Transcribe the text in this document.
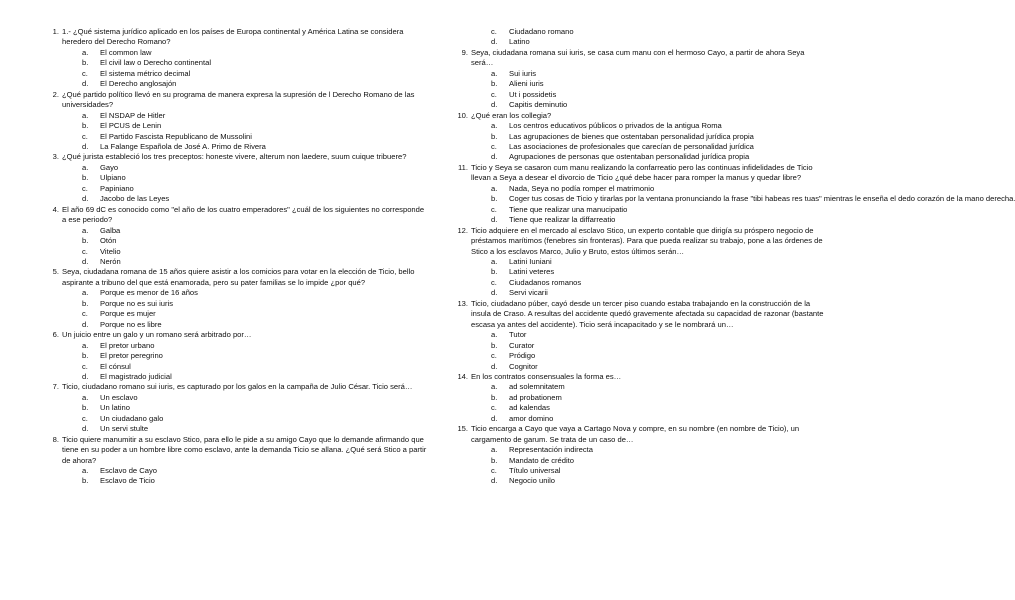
1. 1.- ¿Qué sistema jurídico aplicado en los países de Europa continental y América Latina se considera heredero del Derecho Romano?
a. El common law
b. El civil law o Derecho continental
c. El sistema métrico decimal
d. El Derecho anglosajón
2. ¿Qué partido político llevó en su programa de manera expresa la supresión de l Derecho Romano de las universidades?
a. El NSDAP de Hitler
b. El PCUS de Lenin
c. El Partido Fascista Republicano de Mussolini
d. La Falange Española de José A. Primo de Rivera
3. ¿Qué jurista estableció los tres preceptos: honeste vivere, alterum non laedere, suum cuique tribuere?
a. Gayo
b. Ulpiano
c. Papiniano
d. Jacobo de las Leyes
4. El año 69 dC es conocido como "el año de los cuatro emperadores" ¿cuál de los siguientes no corresponde a ese periodo?
a. Galba
b. Otón
c. Vitelio
d. Nerón
5. Seya, ciudadana romana de 15 años quiere asistir a los comicios para votar en la elección de Ticio, bello aspirante a tribuno del que está enamorada, pero su pater familias se lo impide ¿por qué?
a. Porque es menor de 16 años
b. Porque no es sui iuris
c. Porque es mujer
d. Porque no es libre
6. Un juicio entre un galo y un romano será arbitrado por…
a. El pretor urbano
b. El pretor peregrino
c. El cónsul
d. El magistrado judicial
7. Ticio, ciudadano romano sui iuris, es capturado por los galos en la campaña de Julio César. Ticio será…
a. Un esclavo
b. Un latino
c. Un ciudadano galo
d. Un servi stulte
8. Ticio quiere manumitir a su esclavo Stico, para ello le pide a su amigo Cayo que lo demande afirmando que tiene en su poder a un hombre libre como esclavo, ante la demanda Ticio se allana. ¿Qué será Stico a partir de ahora?
a. Esclavo de Cayo
b. Esclavo de Ticio
c. Ciudadano romano
d. Latino
9. Seya, ciudadana romana sui iuris, se casa cum manu con el hermoso Cayo, a partir de ahora Seya será…
a. Sui iuris
b. Alieni iuris
c. Ut i possidetis
d. Capitis deminutio
10. ¿Qué eran los collegia?
a. Los centros educativos públicos o privados de la antigua Roma
b. Las agrupaciones de bienes que ostentaban personalidad jurídica propia
c. Las asociaciones de profesionales que carecían de personalidad jurídica
d. Agrupaciones de personas que ostentaban personalidad jurídica propia
11. Ticio y Seya se casaron cum manu realizando la confarreatio pero las continuas infidelidades de Ticio llevan a Seya a desear el divorcio de Ticio ¿qué debe hacer para romper la manus y quedar libre?
a. Nada, Seya no podía romper el matrimonio
b. Coger tus cosas de Ticio y tirarlas por la ventana pronunciando la frase "tibi habeas res tuas" mientras le enseña el dedo corazón de la mano derecha.
c. Tiene que realizar una manucipatio
d. Tiene que realizar la diffarreatio
12. Ticio adquiere en el mercado al esclavo Stico, un experto contable que dirigía su próspero negocio de préstamos marítimos (fenebres sin fronteras). Para que pueda realizar su trabajo, pone a las órdenes de Stico a los esclavos Marco, Julio y Bruto, estos últimos serán…
a. Latini Iuniani
b. Latini veteres
c. Ciudadanos romanos
d. Servi vicarii
13. Ticio, ciudadano púber, cayó desde un tercer piso cuando estaba trabajando en la construcción de la insula de Craso. A resultas del accidente quedó gravemente afectada su capacidad de razonar (bastante escasa ya antes del accidente). Ticio será incapacitado y se le nombrará un…
a. Tutor
b. Curator
c. Pródigo
d. Cognitor
14. En los contratos consensuales la forma es…
a. ad solemnitatem
b. ad probationem
c. ad kalendas
d. amor domino
15. Ticio encarga a Cayo que vaya a Cartago Nova y compre, en su nombre (en nombre de Ticio), un cargamento de garum. Se trata de un caso de…
a. Representación indirecta
b. Mandato de crédito
c. Título universal
d. Negocio unilo
